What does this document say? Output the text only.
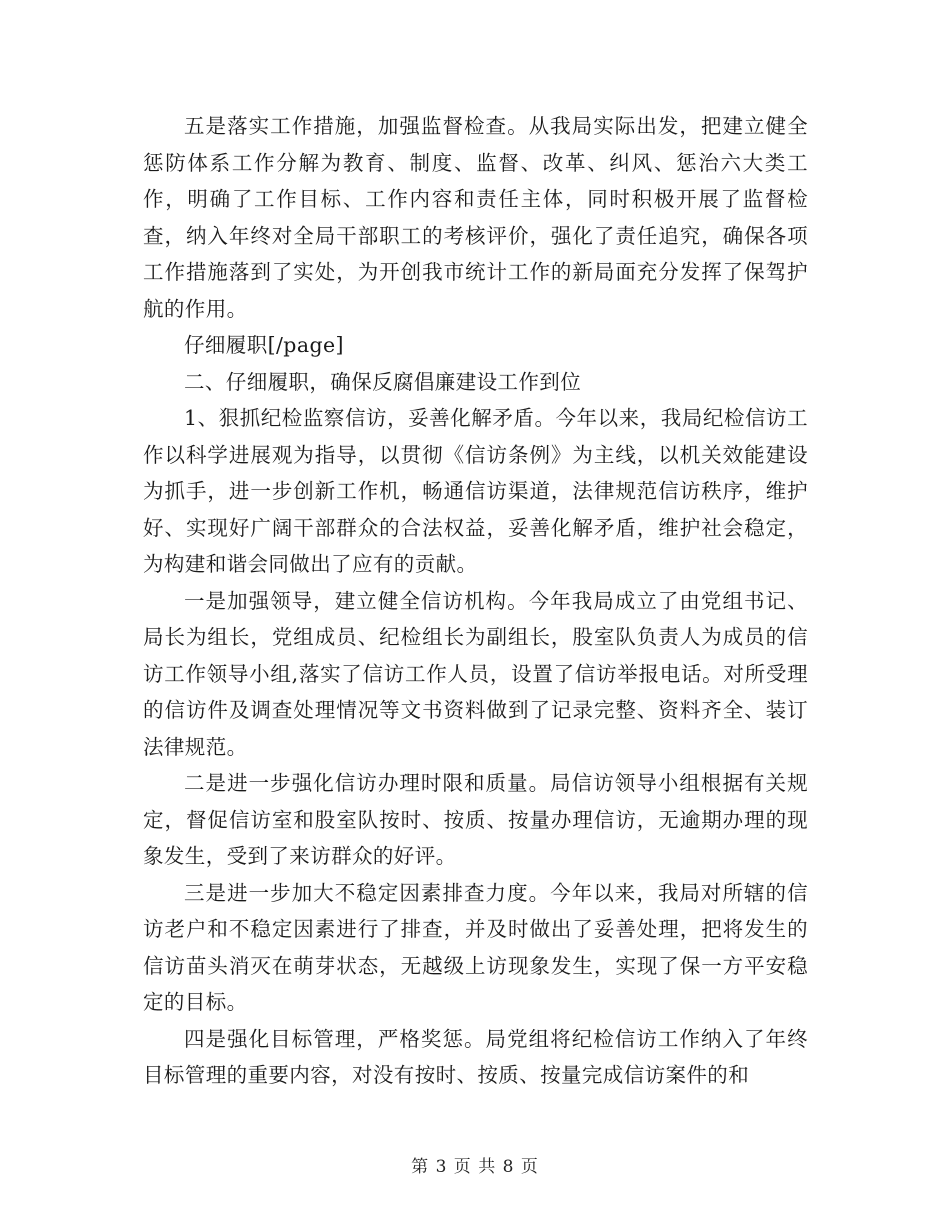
五是落实工作措施，加强监督检查。从我局实际出发，把建立健全惩防体系工作分解为教育、制度、监督、改革、纠风、惩治六大类工作，明确了工作目标、工作内容和责任主体，同时积极开展了监督检查，纳入年终对全局干部职工的考核评价，强化了责任追究，确保各项工作措施落到了实处，为开创我市统计工作的新局面充分发挥了保驾护航的作用。

仔细履职[/page]

二、仔细履职，确保反腐倡廉建设工作到位

1、狠抓纪检监察信访，妥善化解矛盾。今年以来，我局纪检信访工作以科学进展观为指导，以贯彻《信访条例》为主线，以机关效能建设为抓手，进一步创新工作机，畅通信访渠道，法律规范信访秩序，维护好、实现好广阔干部群众的合法权益，妥善化解矛盾，维护社会稳定，为构建和谐会同做出了应有的贡献。

一是加强领导，建立健全信访机构。今年我局成立了由党组书记、局长为组长，党组成员、纪检组长为副组长，股室队负责人为成员的信访工作领导小组,落实了信访工作人员，设置了信访举报电话。对所受理的信访件及调查处理情况等文书资料做到了记录完整、资料齐全、装订法律规范。

二是进一步强化信访办理时限和质量。局信访领导小组根据有关规定，督促信访室和股室队按时、按质、按量办理信访，无逾期办理的现象发生，受到了来访群众的好评。

三是进一步加大不稳定因素排查力度。今年以来，我局对所辖的信访老户和不稳定因素进行了排查，并及时做出了妥善处理，把将发生的信访苗头消灭在萌芽状态，无越级上访现象发生，实现了保一方平安稳定的目标。

四是强化目标管理，严格奖惩。局党组将纪检信访工作纳入了年终目标管理的重要内容，对没有按时、按质、按量完成信访案件的和

第 3 页 共 8 页
